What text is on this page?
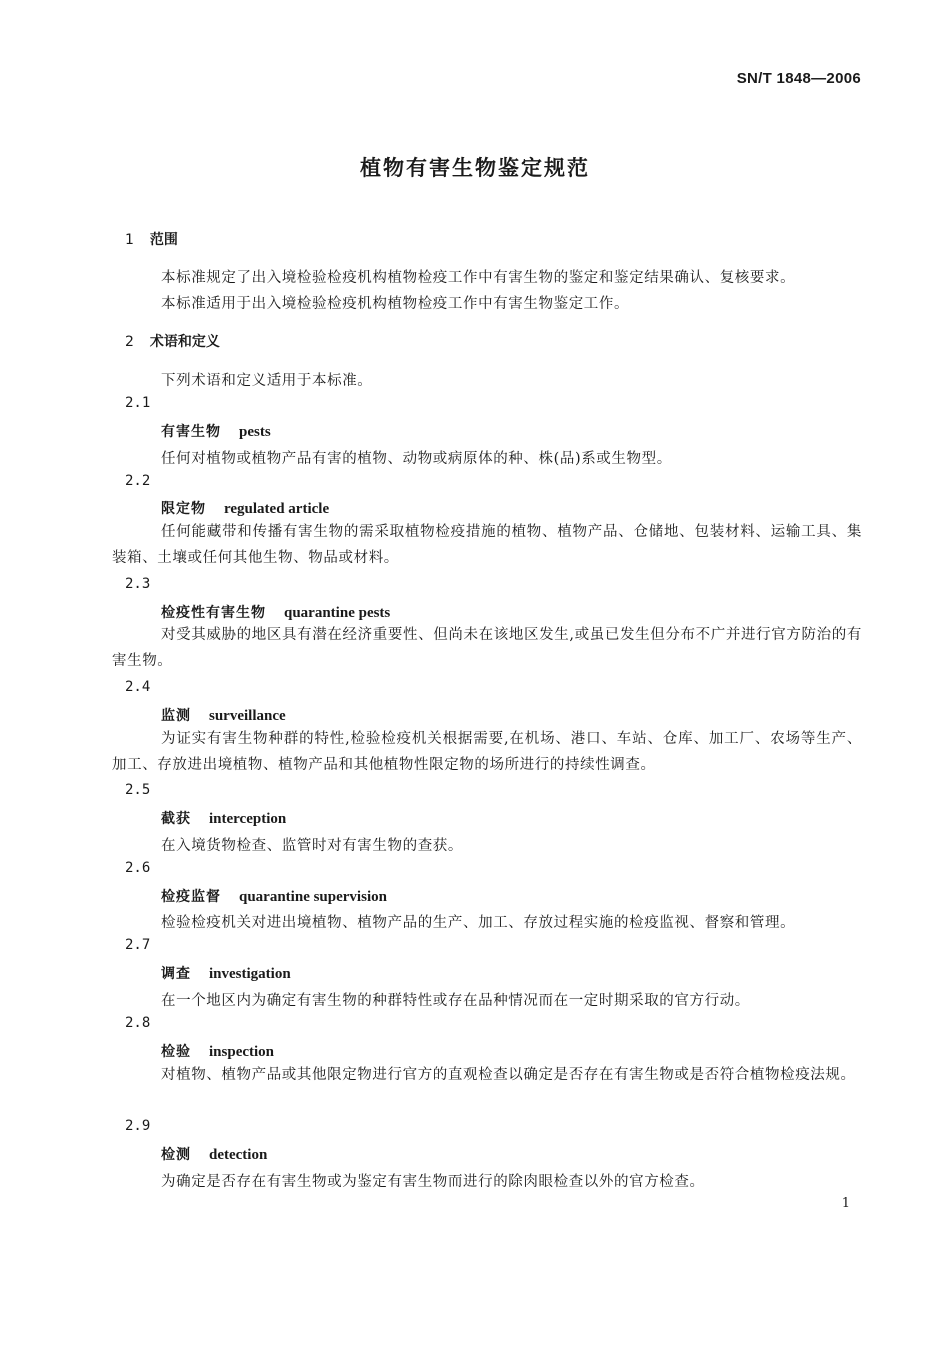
SN/T 1848—2006
植物有害生物鉴定规范
1 范围
本标准规定了出入境检验检疫机构植物检疫工作中有害生物的鉴定和鉴定结果确认、复核要求。
本标准适用于出入境检验检疫机构植物检疫工作中有害生物鉴定工作。
2 术语和定义
下列术语和定义适用于本标准。
2.1
有害生物 pests
任何对植物或植物产品有害的植物、动物或病原体的种、株(品)系或生物型。
2.2
限定物 regulated article
任何能藏带和传播有害生物的需采取植物检疫措施的植物、植物产品、仓储地、包装材料、运输工具、集装箱、土壤或任何其他生物、物品或材料。
2.3
检疫性有害生物 quarantine pests
对受其威胁的地区具有潜在经济重要性、但尚未在该地区发生,或虽已发生但分布不广并进行官方防治的有害生物。
2.4
监测 surveillance
为证实有害生物种群的特性,检验检疫机关根据需要,在机场、港口、车站、仓库、加工厂、农场等生产、加工、存放进出境植物、植物产品和其他植物性限定物的场所进行的持续性调查。
2.5
截获 interception
在入境货物检查、监管时对有害生物的查获。
2.6
检疫监督 quarantine supervision
检验检疫机关对进出境植物、植物产品的生产、加工、存放过程实施的检疫监视、督察和管理。
2.7
调查 investigation
在一个地区内为确定有害生物的种群特性或存在品种情况而在一定时期采取的官方行动。
2.8
检验 inspection
对植物、植物产品或其他限定物进行官方的直观检查以确定是否存在有害生物或是否符合植物检疫法规。
2.9
检测 detection
为确定是否存在有害生物或为鉴定有害生物而进行的除肉眼检查以外的官方检查。
1
